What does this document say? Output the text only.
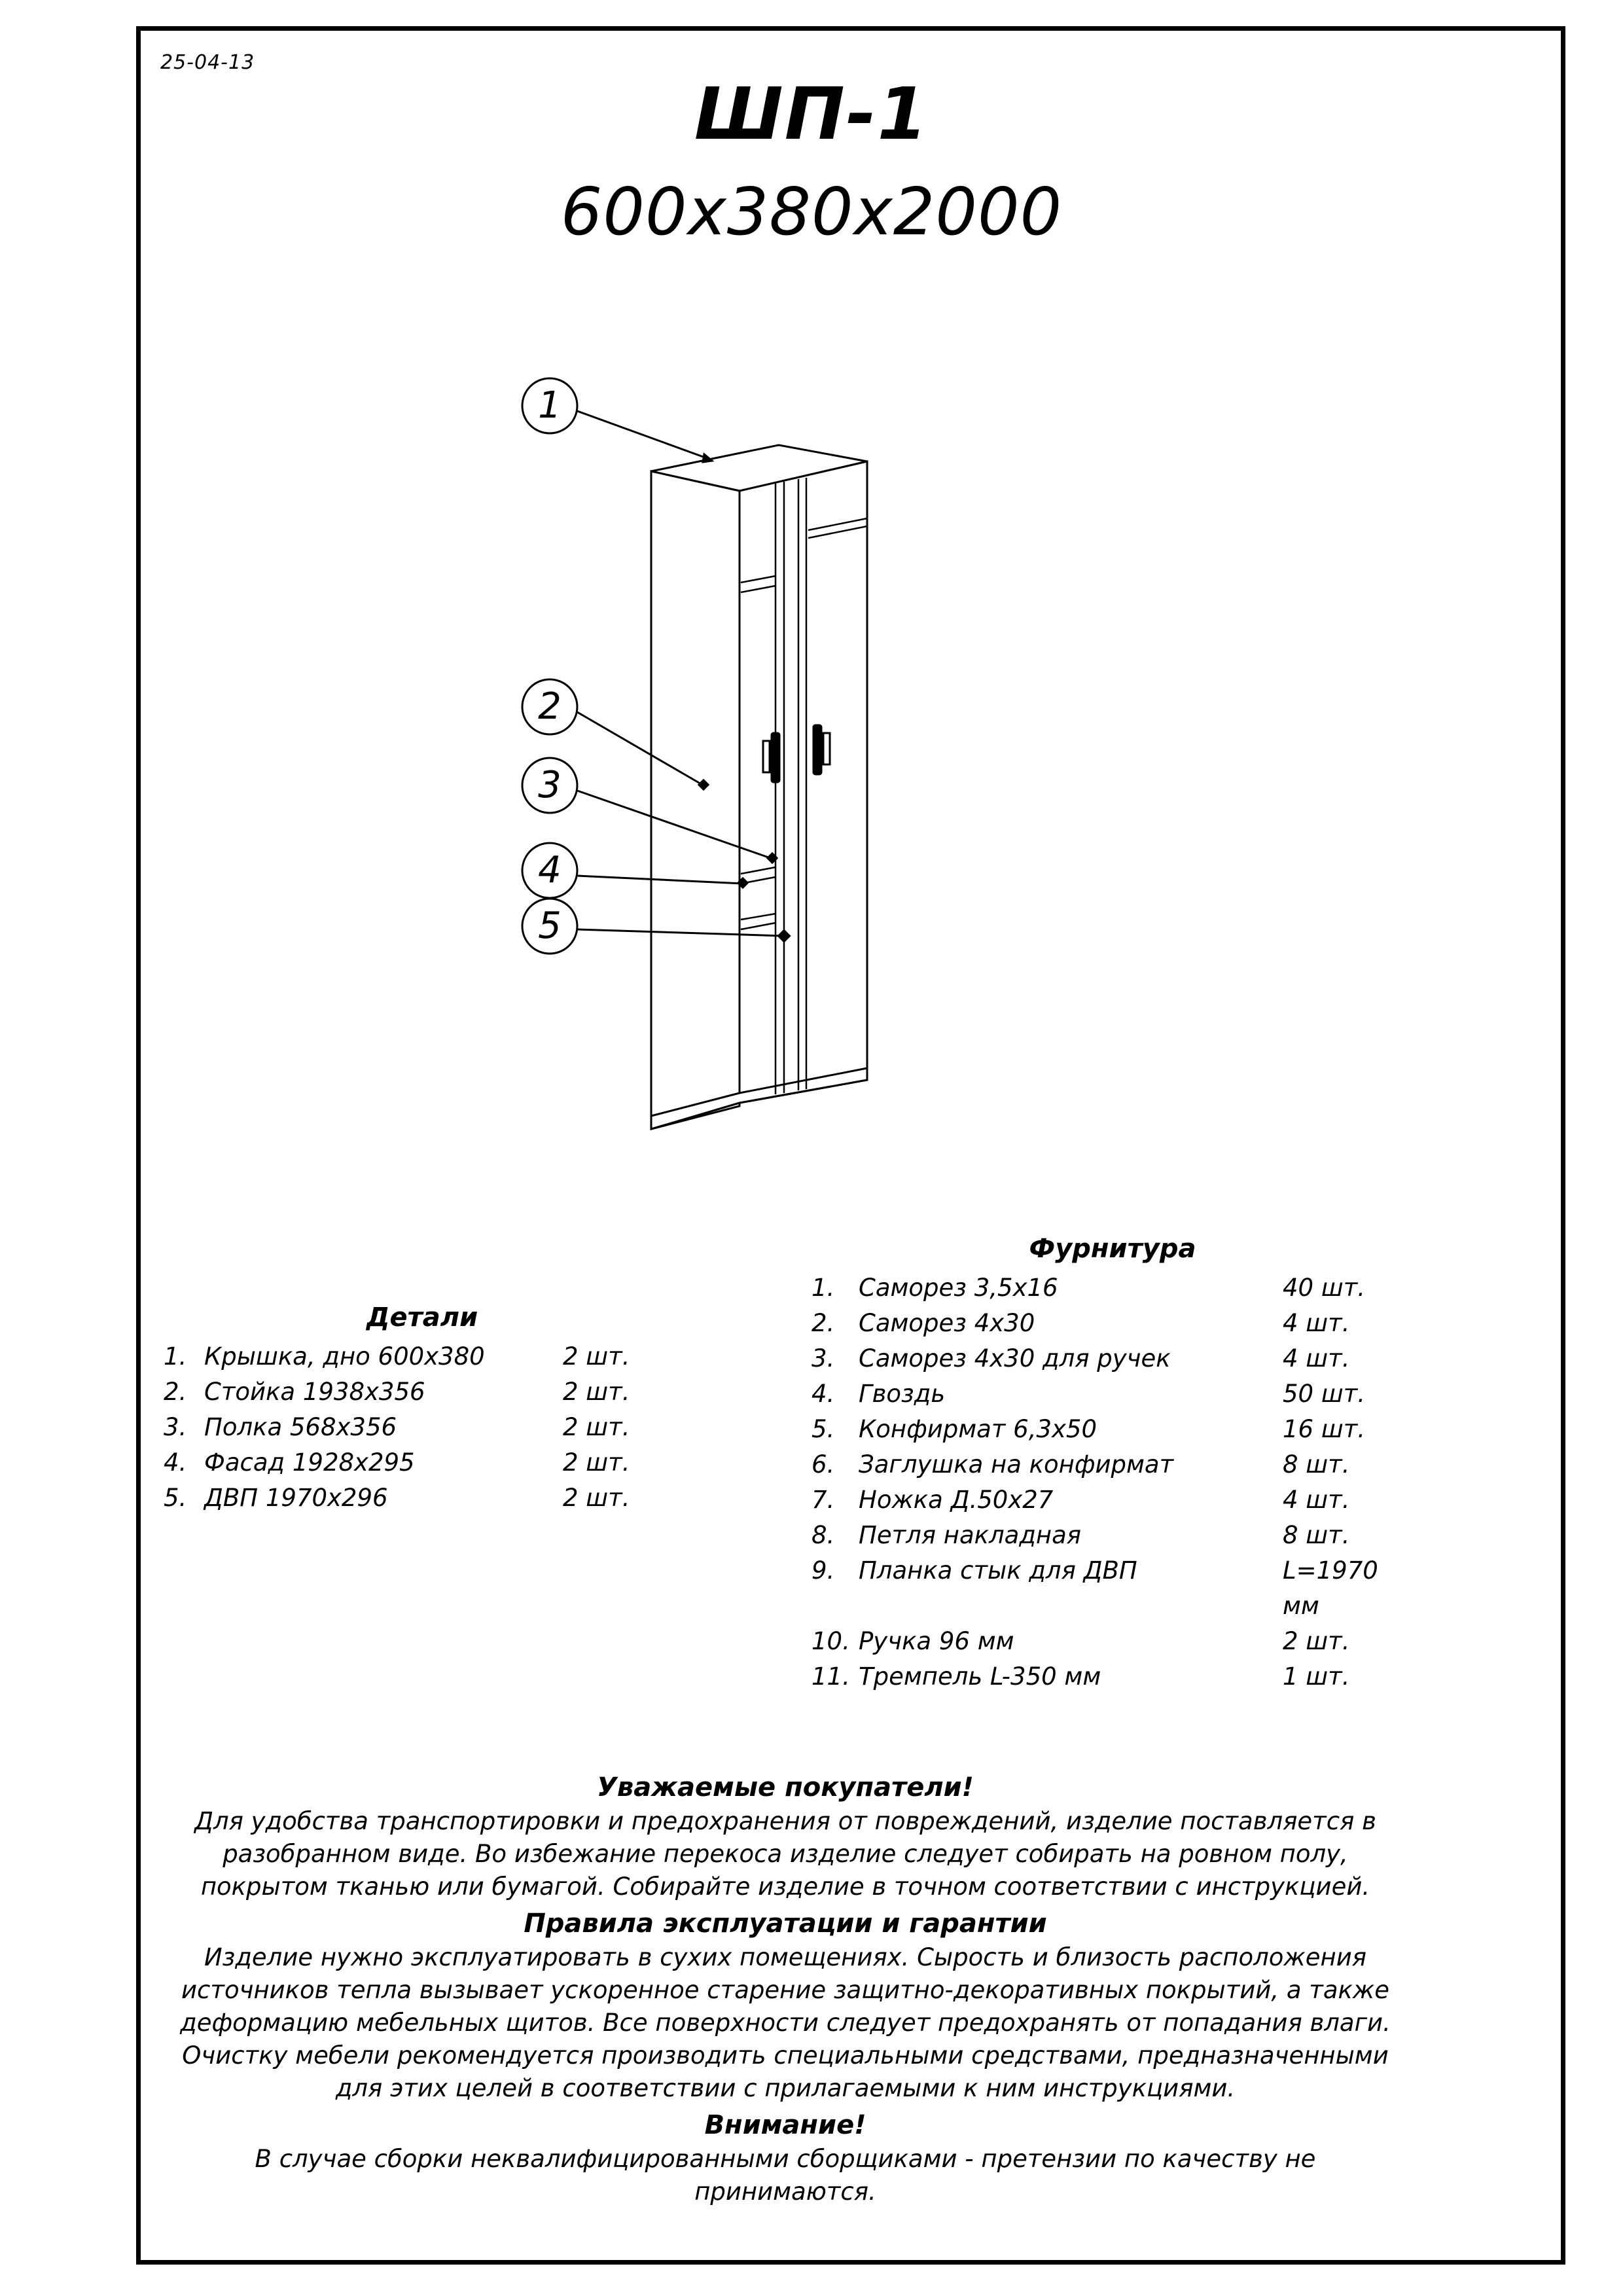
25-04-13
ШП-1
600х380х2000
1
2
3
4
5
Детали
1. Крышка, дно 600х380	2 шт.
2. Стойка 1938х356	2 шт.
3. Полка 568х356	2 шт.
4. Фасад 1928х295	2 шт.
5. ДВП 1970х296	2 шт.
Фурнитура
1. Саморез 3,5х16	40 шт.
2. Саморез 4х30	4 шт.
3. Саморез 4х30 для ручек	4 шт.
4. Гвоздь	50 шт.
5. Конфирмат 6,3х50	16 шт.
6. Заглушка на конфирмат	8 шт.
7. Ножка Д.50х27	4 шт.
8. Петля накладная	8 шт.
9. Планка стык для ДВП	L=1970 мм
10. Ручка 96 мм	2 шт.
11. Тремпель L-350 мм	1 шт.
Уважаемые покупатели!

Для удобства транспортировки и предохранения от повреждений, изделие поставляется в разобранном виде. Во избежание перекоса изделие следует собирать на ровном полу, покрытом тканью или бумагой. Собирайте изделие в точном соответствии с инструкцией.

Правила эксплуатации и гарантии

Изделие нужно эксплуатировать в сухих помещениях. Сырость и близость расположения источников тепла вызывает ускоренное старение защитно-декоративных покрытий, а также деформацию мебельных щитов. Все поверхности следует предохранять от попадания влаги. Очистку мебели рекомендуется производить специальными средствами, предназначенными для этих целей в соответствии с прилагаемыми к ним инструкциями.

Внимание!

В случае сборки неквалифицированными сборщиками - претензии по качеству не принимаются.
